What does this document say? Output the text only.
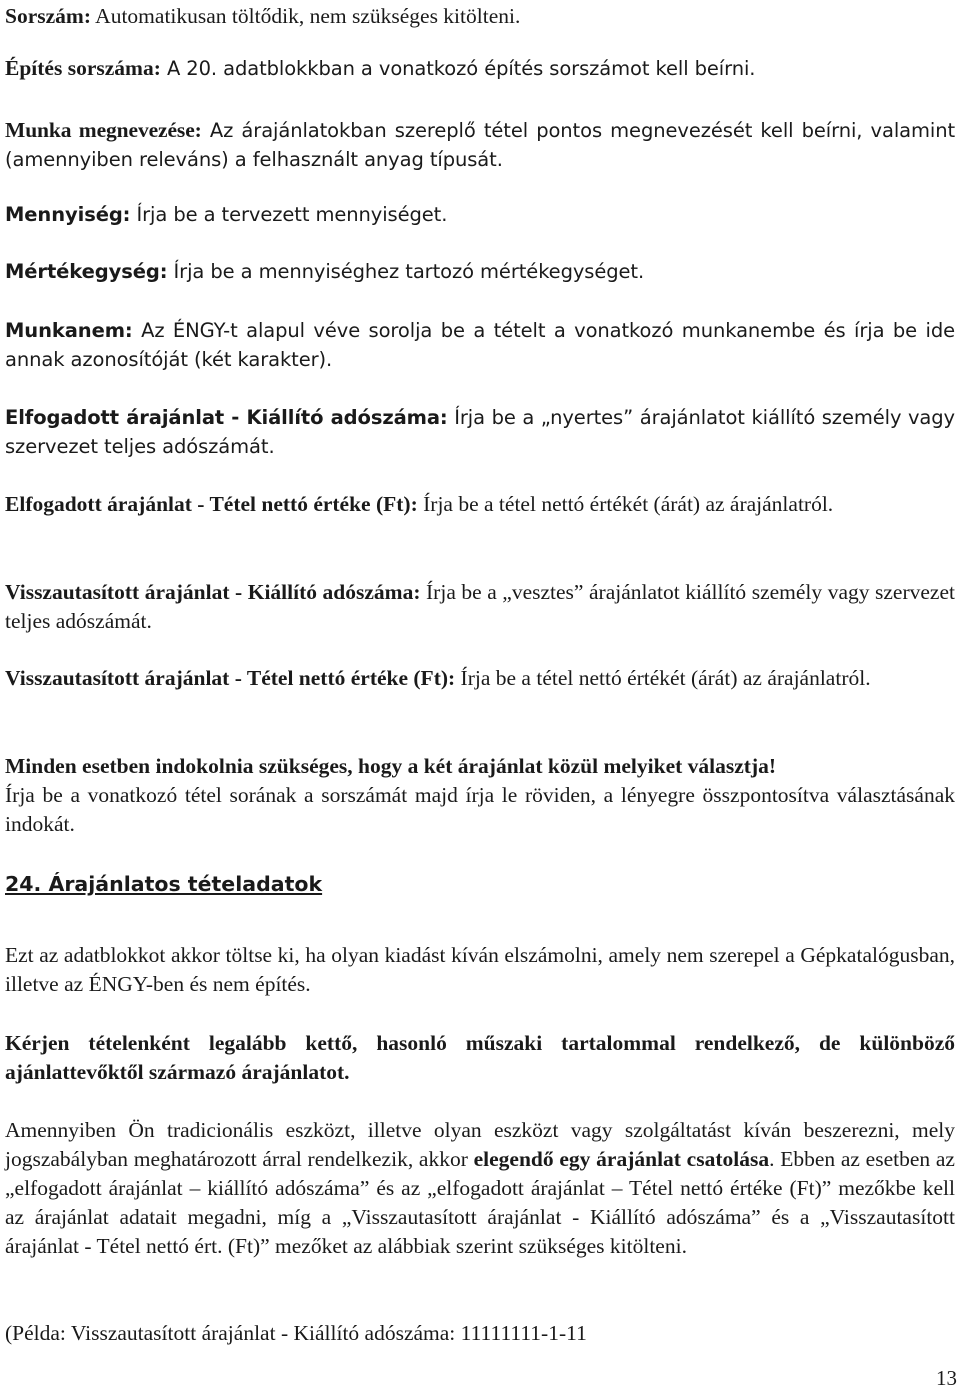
Sorszám: Automatikusan töltődik, nem szükséges kitölteni.

Építés sorszáma: A 20. adatblokkban a vonatkozó építés sorszámot kell beírni.

Munka megnevezése: Az árajánlatokban szereplő tétel pontos megnevezését kell beírni, valamint (amennyiben releváns) a felhasznált anyag típusát.

Mennyiség: Írja be a tervezett mennyiséget.

Mértékegység: Írja be a mennyiséghez tartozó mértékegységet.

Munkanem: Az ÉNGY-t alapul véve sorolja be a tételt a vonatkozó munkanembe és írja be ide annak azonosítóját (két karakter).

Elfogadott árajánlat - Kiállító adószáma: Írja be a „nyertes” árajánlatot kiállító személy vagy szervezet teljes adószámát.

Elfogadott árajánlat - Tétel nettó értéke (Ft): Írja be a tétel nettó értékét (árát) az árajánlatról.

Visszautasított árajánlat - Kiállító adószáma: Írja be a „vesztes” árajánlatot kiállító személy vagy szervezet teljes adószámát.

Visszautasított árajánlat - Tétel nettó értéke (Ft): Írja be a tétel nettó értékét (árát) az árajánlatról.

Minden esetben indokolnia szükséges, hogy a két árajánlat közül melyiket választja!

Írja be a vonatkozó tétel sorának a sorszámát majd írja le röviden, a lényegre összpontosítva választásának indokát.

24. Árajánlatos tételadatok

Ezt az adatblokkot akkor töltse ki, ha olyan kiadást kíván elszámolni, amely nem szerepel a Gépkatalógusban, illetve az ÉNGY-ben és nem építés.

Kérjen tételenként legalább kettő, hasonló műszaki tartalommal rendelkező, de különböző ajánlattevőktől származó árajánlatot.

Amennyiben Ön tradicionális eszközt, illetve olyan eszközt vagy szolgáltatást kíván beszerezni, mely jogszabályban meghatározott árral rendelkezik, akkor elegendő egy árajánlat csatolása. Ebben az esetben az „elfogadott árajánlat – kiállító adószáma” és az „elfogadott árajánlat – Tétel nettó értéke (Ft)” mezőkbe kell az árajánlat adatait megadni, míg a „Visszautasított árajánlat - Kiállító adószáma” és a „Visszautasított árajánlat - Tétel nettó ért. (Ft)” mezőket az alábbiak szerint szükséges kitölteni.

(Példa: Visszautasított árajánlat - Kiállító adószáma: 11111111-1-11

13
